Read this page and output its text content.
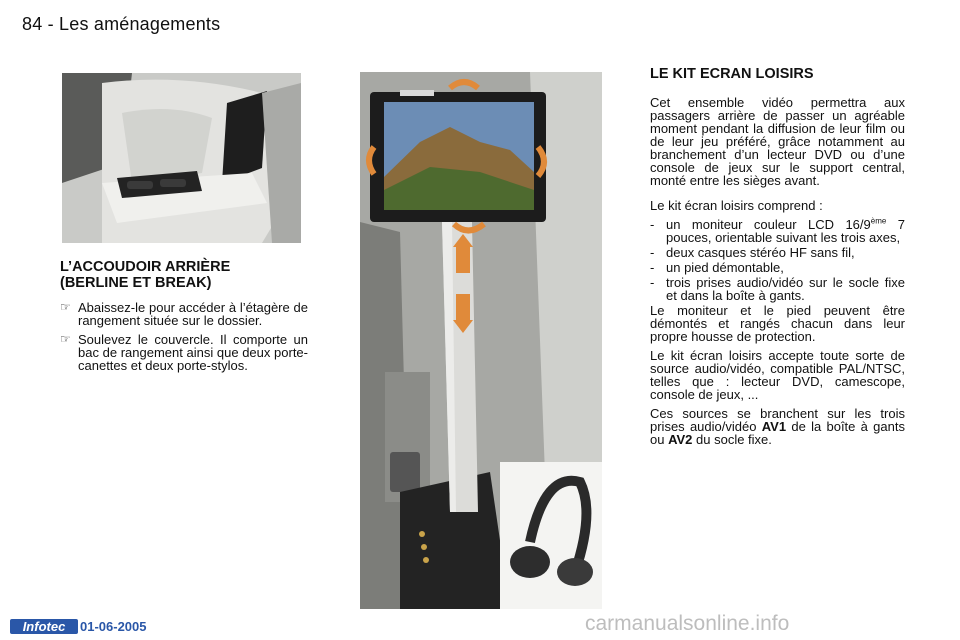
84 - Les aménagements
L’ACCOUDOIR ARRIÈRE
(BERLINE ET BREAK)
☞ Abaissez-le pour accéder à l’étagère de rangement située sur le dossier.
☞ Soulevez le couvercle. Il comporte un bac de rangement ainsi que deux porte-canettes et deux porte-stylos.
LE KIT ECRAN LOISIRS

Cet ensemble vidéo permettra aux passagers arrière de passer un agréable moment pendant la diffusion de leur film ou de leur jeu préféré, grâce notamment au branchement d’un lecteur DVD ou d’une console de jeux sur le support central, monté entre les sièges avant.

Le kit écran loisirs comprend :

- un moniteur couleur LCD 16/9ème 7 pouces, orientable suivant les trois axes,
- deux casques stéréo HF sans fil,
- un pied démontable,
- trois prises audio/vidéo sur le socle fixe et dans la boîte à gants.

Le moniteur et le pied peuvent être démontés et rangés chacun dans leur propre housse de protection.

Le kit écran loisirs accepte toute sorte de source audio/vidéo, compatible PAL/NTSC, telles que : lecteur DVD, camescope, console de jeux, ...

Ces sources se branchent sur les trois prises audio/vidéo AV1 de la boîte à gants ou AV2 du socle fixe.

Infotec	01-06-2005	carmanualsonline.info
